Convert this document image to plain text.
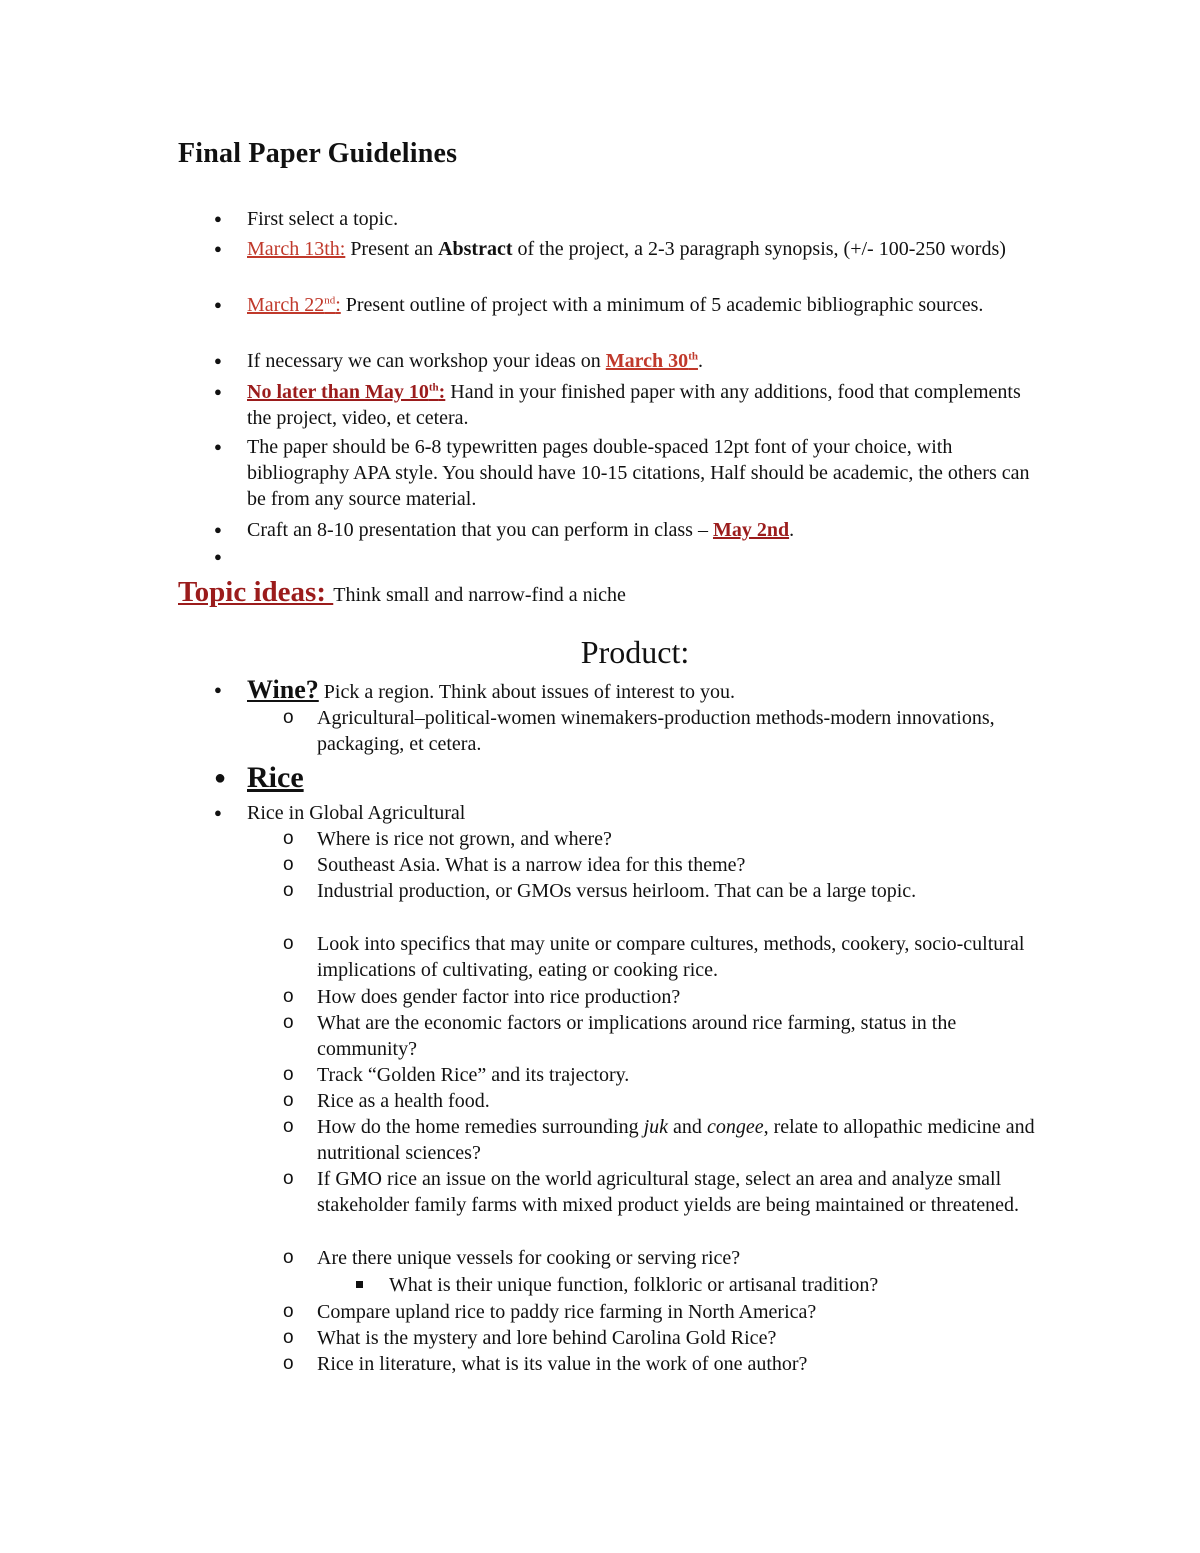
Final Paper Guidelines
● First select a topic.
● March 13th: Present an Abstract of the project, a 2-3 paragraph synopsis, (+/- 100-250 words)
● March 22nd: Present outline of project with a minimum of 5 academic bibliographic sources.
● If necessary we can workshop your ideas on March 30th.
● No later than May 10th: Hand in your finished paper with any additions, food that complements the project, video, et cetera.
● The paper should be 6-8 typewritten pages double-spaced 12pt font of your choice, with bibliography APA style. You should have 10-15 citations, Half should be academic, the others can be from any source material.
● Craft an 8-10 presentation that you can perform in class – May 2nd.
●
Topic ideas: Think small and narrow-find a niche
Product:
● Wine? Pick a region. Think about issues of interest to you.
o Agricultural–political-women winemakers-production methods-modern innovations, packaging, et cetera.
● Rice
● Rice in Global Agricultural
o Where is rice not grown, and where?
o Southeast Asia. What is a narrow idea for this theme?
o Industrial production, or GMOs versus heirloom. That can be a large topic.
o Look into specifics that may unite or compare cultures, methods, cookery, socio-cultural implications of cultivating, eating or cooking rice.
o How does gender factor into rice production?
o What are the economic factors or implications around rice farming, status in the community?
o Track “Golden Rice” and its trajectory.
o Rice as a health food.
o How do the home remedies surrounding juk and congee, relate to allopathic medicine and nutritional sciences?
o If GMO rice an issue on the world agricultural stage, select an area and analyze small stakeholder family farms with mixed product yields are being maintained or threatened.
o Are there unique vessels for cooking or serving rice?
What is their unique function, folkloric or artisanal tradition?
o Compare upland rice to paddy rice farming in North America?
o What is the mystery and lore behind Carolina Gold Rice?
o Rice in literature, what is its value in the work of one author?
